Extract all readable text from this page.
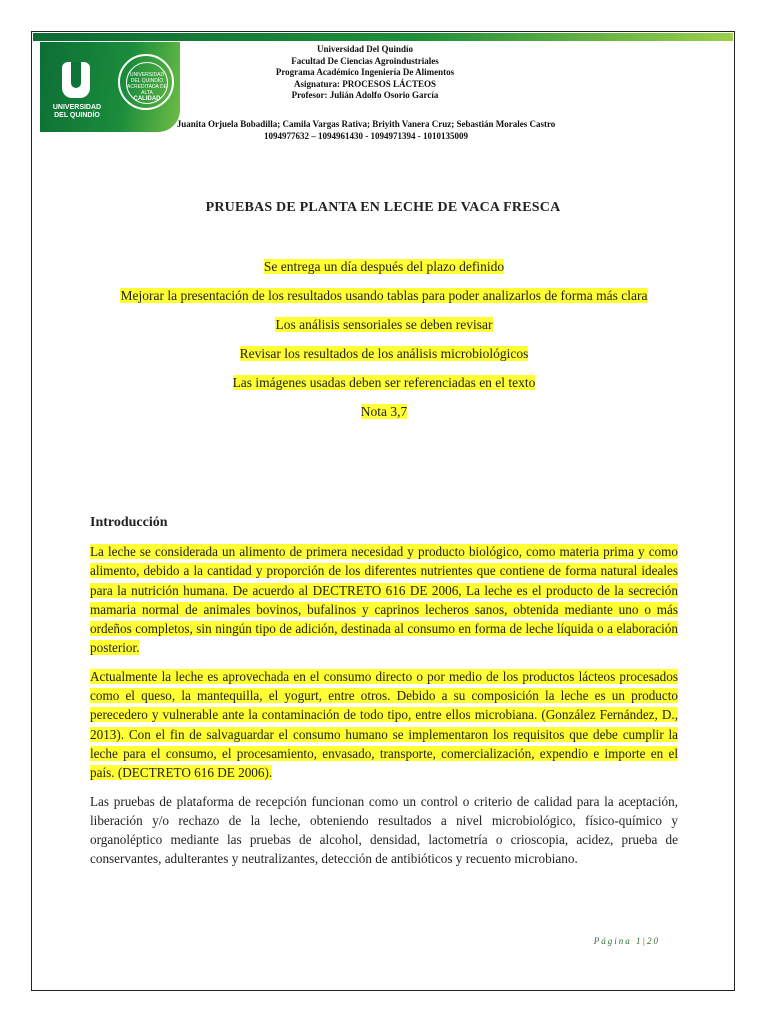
UNIVERSIDAD DEL QUINDÍO
UNIVERSIDAD DEL QUINDÍO
ACREDITADA DE ALTA
CALIDAD
Universidad Del Quindío
Facultad De Ciencias Agroindustriales
Programa Académico Ingeniería De Alimentos
Asignatura: PROCESOS LÁCTEOS
Profesor: Julián Adolfo Osorio García
Juanita Orjuela Bobadilla; Camila Vargas Rativa; Briyith Vanera Cruz; Sebastián Morales Castro
1094977632 – 1094961430 - 1094971394 - 1010135009
PRUEBAS DE PLANTA EN LECHE DE VACA FRESCA

Se entrega un día después del plazo definido

Mejorar la presentación de los resultados usando tablas para poder analizarlos de forma más clara

Los análisis sensoriales se deben revisar

Revisar los resultados de los análisis microbiológicos

Las imágenes usadas deben ser referenciadas en el texto

Nota 3,7

Introducción

La leche se considerada un alimento de primera necesidad y producto biológico, como materia prima y como alimento, debido a la cantidad y proporción de los diferentes nutrientes que contiene de forma natural ideales para la nutrición humana. De acuerdo al DECTRETO 616 DE 2006, La leche es el producto de la secreción mamaria normal de animales bovinos, bufalinos y caprinos lecheros sanos, obtenida mediante uno o más ordeños completos, sin ningún tipo de adición, destinada al consumo en forma de leche líquida o a elaboración posterior.

Actualmente la leche es aprovechada en el consumo directo o por medio de los productos lácteos procesados como el queso, la mantequilla, el yogurt, entre otros. Debido a su composición la leche es un producto perecedero y vulnerable ante la contaminación de todo tipo, entre ellos microbiana. (González Fernández, D., 2013). Con el fin de salvaguardar el consumo humano se implementaron los requisitos que debe cumplir la leche para el consumo, el procesamiento, envasado, transporte, comercialización, expendio e importe en el país. (DECTRETO 616 DE 2006).

Las pruebas de plataforma de recepción funcionan como un control o criterio de calidad para la aceptación, liberación y/o rechazo de la leche, obteniendo resultados a nivel microbiológico, físico-químico y organoléptico mediante las pruebas de alcohol, densidad, lactometría o crioscopia, acidez, prueba de conservantes, adulterantes y neutralizantes, detección de antibióticos y recuento microbiano.

Página 1|20
